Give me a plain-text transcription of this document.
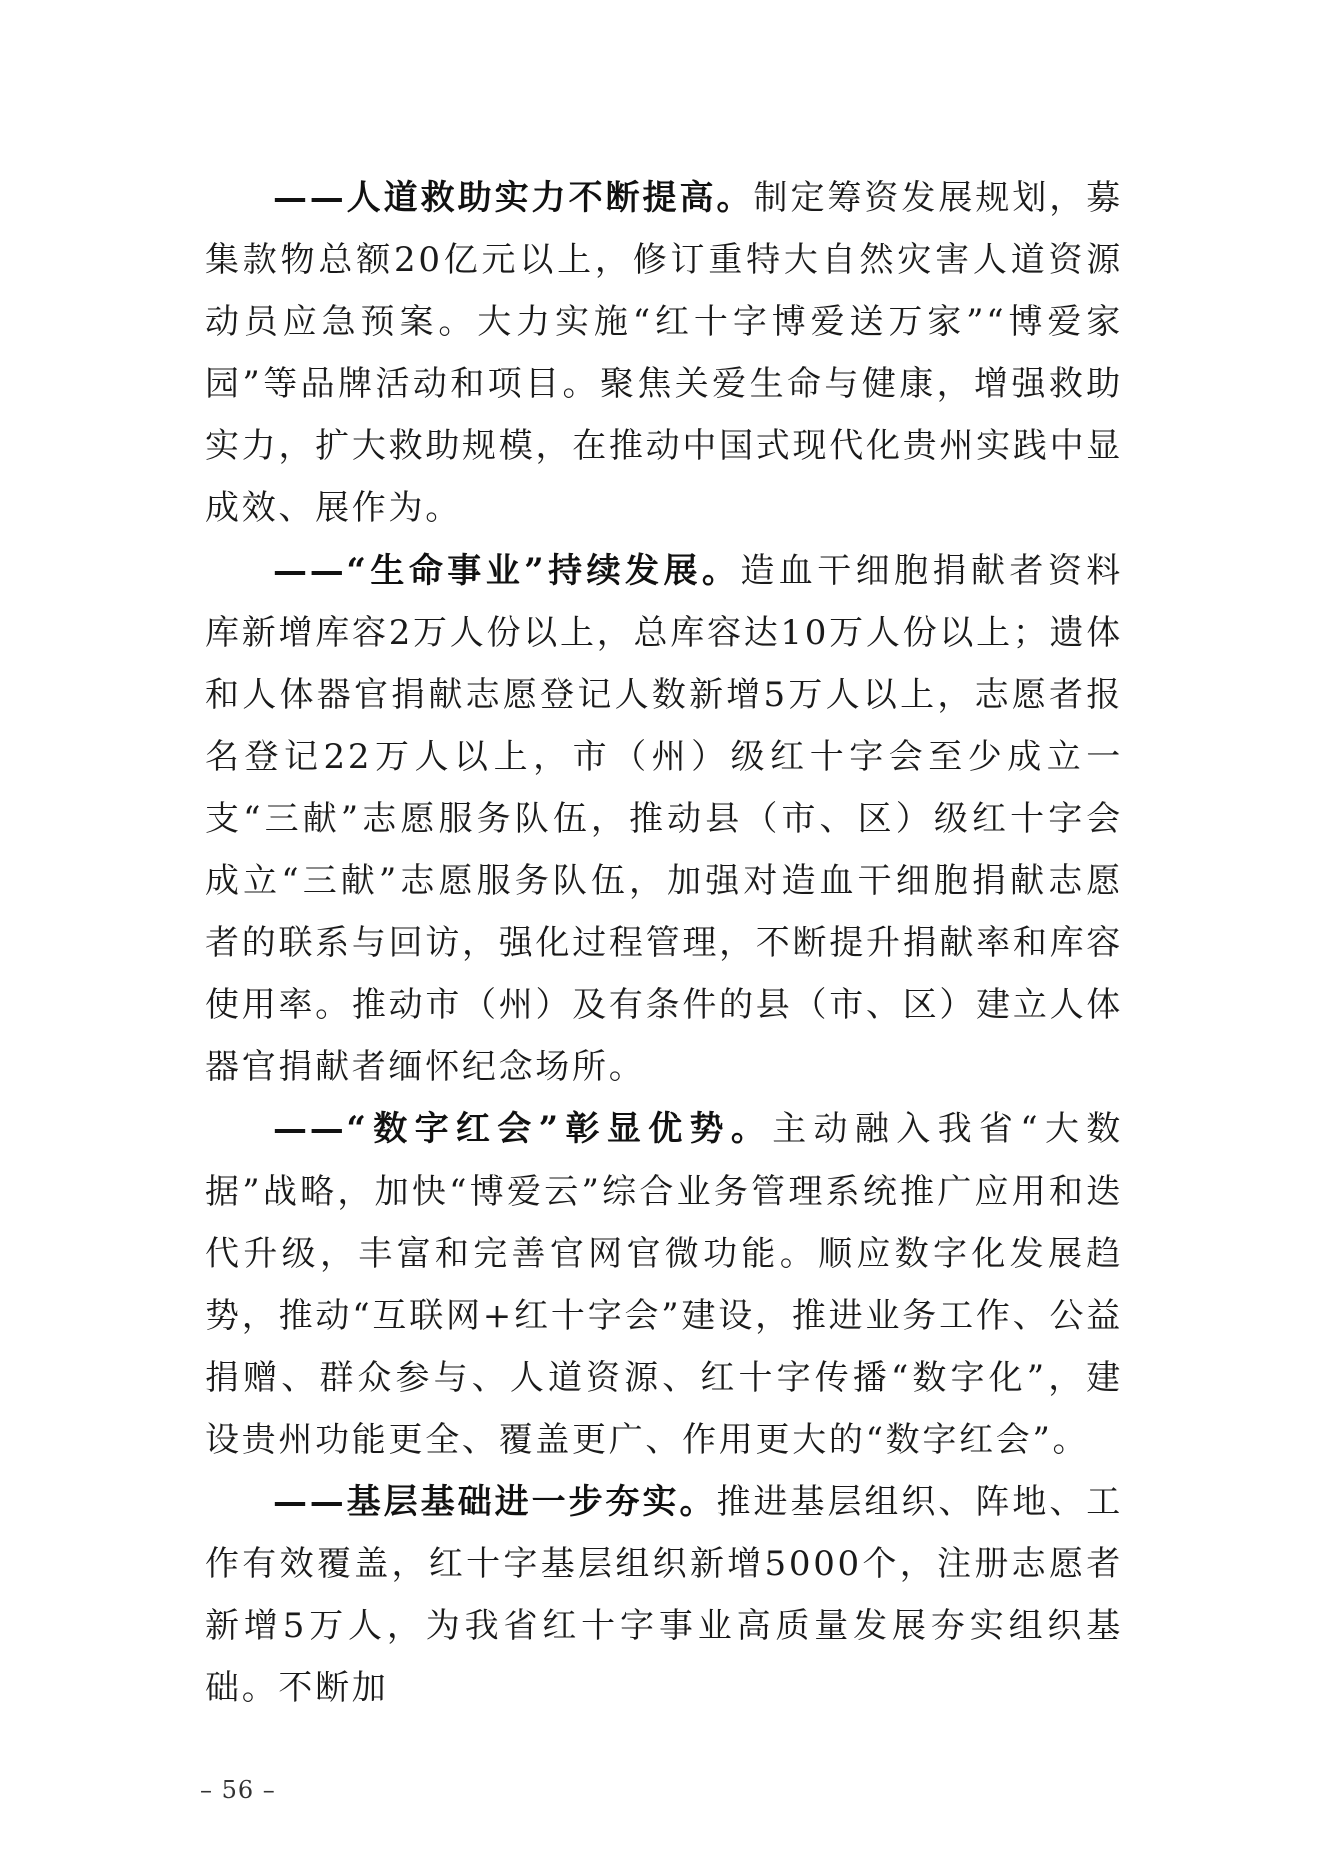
——人道救助实力不断提高。制定筹资发展规划，募集款物总额20亿元以上，修订重特大自然灾害人道资源动员应急预案。大力实施“红十字博爱送万家”“博爱家园”等品牌活动和项目。聚焦关爱生命与健康，增强救助实力，扩大救助规模，在推动中国式现代化贵州实践中显成效、展作为。

——“生命事业”持续发展。造血干细胞捐献者资料库新增库容2万人份以上，总库容达10万人份以上；遗体和人体器官捐献志愿登记人数新增5万人以上，志愿者报名登记22万人以上，市（州）级红十字会至少成立一支“三献”志愿服务队伍，推动县（市、区）级红十字会成立“三献”志愿服务队伍，加强对造血干细胞捐献志愿者的联系与回访，强化过程管理，不断提升捐献率和库容使用率。推动市（州）及有条件的县（市、区）建立人体器官捐献者缅怀纪念场所。

——“数字红会”彰显优势。主动融入我省“大数据”战略，加快“博爱云”综合业务管理系统推广应用和迭代升级，丰富和完善官网官微功能。顺应数字化发展趋势，推动“互联网+红十字会”建设，推进业务工作、公益捐赠、群众参与、人道资源、红十字传播“数字化”，建设贵州功能更全、覆盖更广、作用更大的“数字红会”。

——基层基础进一步夯实。推进基层组织、阵地、工作有效覆盖，红十字基层组织新增5000个，注册志愿者新增5万人，为我省红十字事业高质量发展夯实组织基础。不断加

– 56 –
